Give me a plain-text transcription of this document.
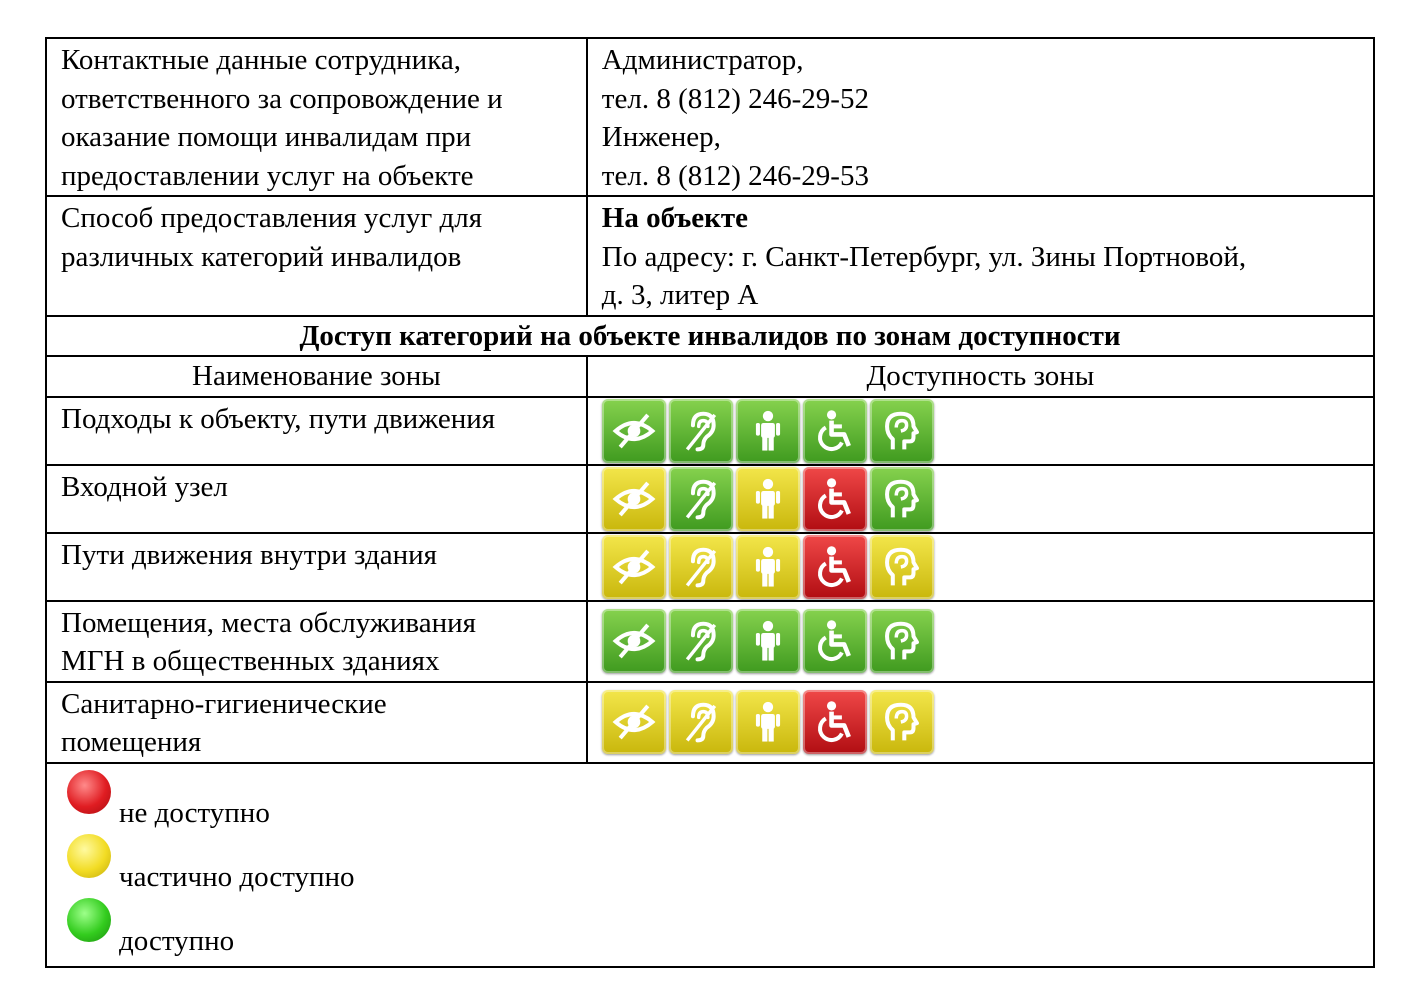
Контактные данные сотрудника,
ответственного за сопровождение и
оказание помощи инвалидам при
предоставлении услуг на объекте	Администратор,
тел. 8 (812) 246-29-52
Инженер,
тел. 8 (812) 246-29-53

Способ предоставления услуг для
различных категорий инвалидов	На объекте
По адресу: г. Санкт-Петербург, ул. Зины Портновой,
д. 3, литер А

Доступ категорий на объекте инвалидов по зонам доступности	
Наименование зоны	Доступность зоны

Подходы к объекту, пути движения

Входной узел

Пути движения внутри здания

Помещения, места обслуживания
МГН в общественных зданиях

Санитарно-гигиенические
помещения

не доступно
частично доступно
доступно	
